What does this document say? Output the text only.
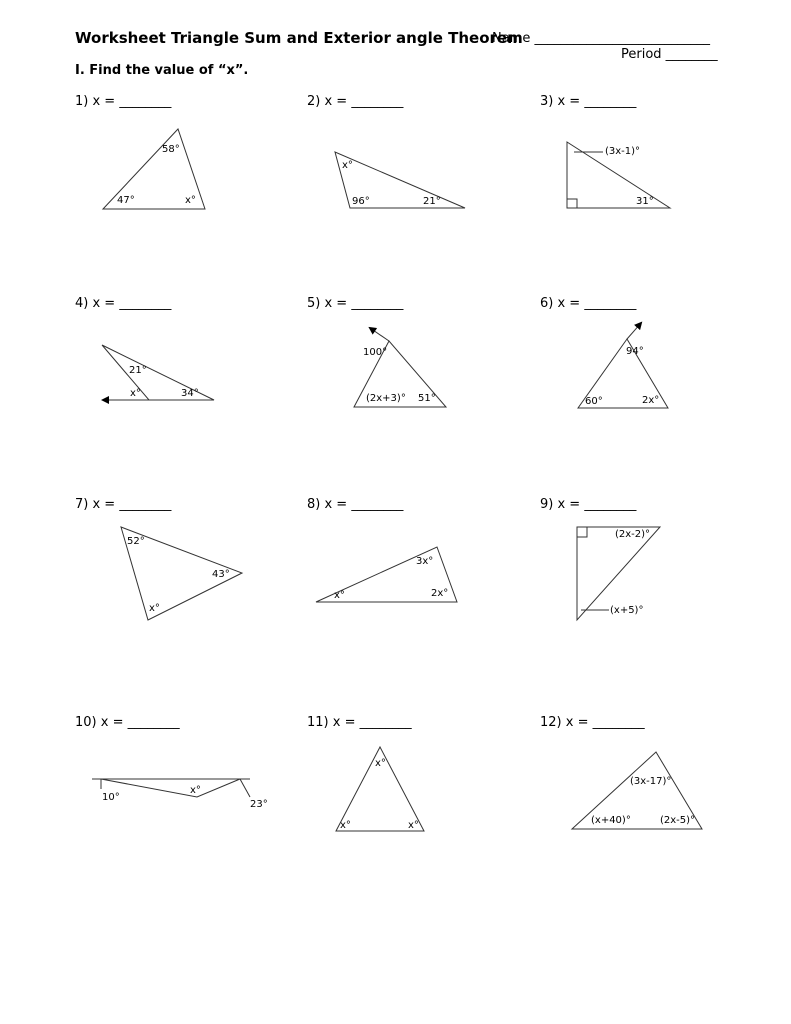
Worksheet Triangle Sum and Exterior angle Theorem
Name ___________________________
Period ________
I. Find the value of “x”.
1) x = ________	2) x = ________	3) x = ________
4) x = ________	5) x = ________	6) x = ________
7) x = ________	8) x = ________	9) x = ________
10) x = ________	11) x = ________	12) x = ________
58°
47°	x°
x°
96°	21°
(3x-1)°
31°
21°
x°	34°
100°
(2x+3)° 51°
94°
60°	2x°
52°
43°
x°
3x°
x°	2x°
(2x-2)°
(x+5)°
10°
x°
23°
x°
x°	x°
(3x-17)°
(x+40)°	(2x-5)°
